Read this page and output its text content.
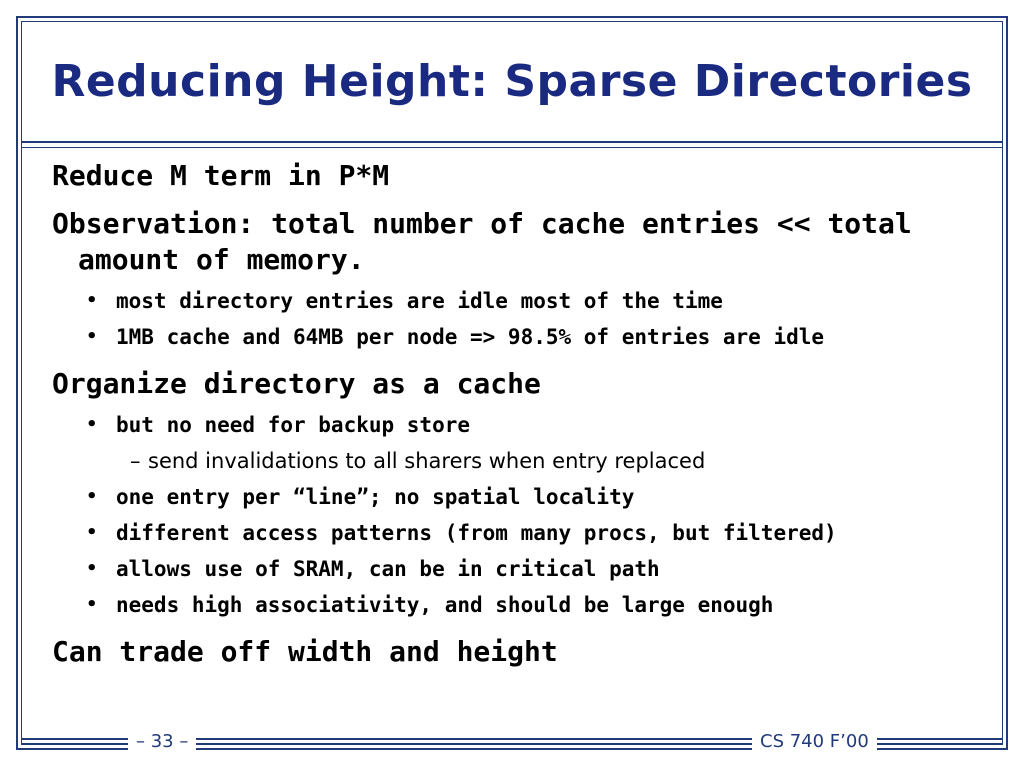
Reducing Height: Sparse Directories

Reduce M term in P*M

Observation: total number of cache entries << total

amount of memory.

• most directory entries are idle most of the time

• 1MB cache and 64MB per node => 98.5% of entries are idle

Organize directory as a cache

• but no need for backup store

– send invalidations to all sharers when entry replaced

• one entry per “line”; no spatial locality

• different access patterns (from many procs, but filtered)

• allows use of SRAM, can be in critical path

• needs high associativity, and should be large enough

Can trade off width and height

– 33 –	CS 740 F’00
